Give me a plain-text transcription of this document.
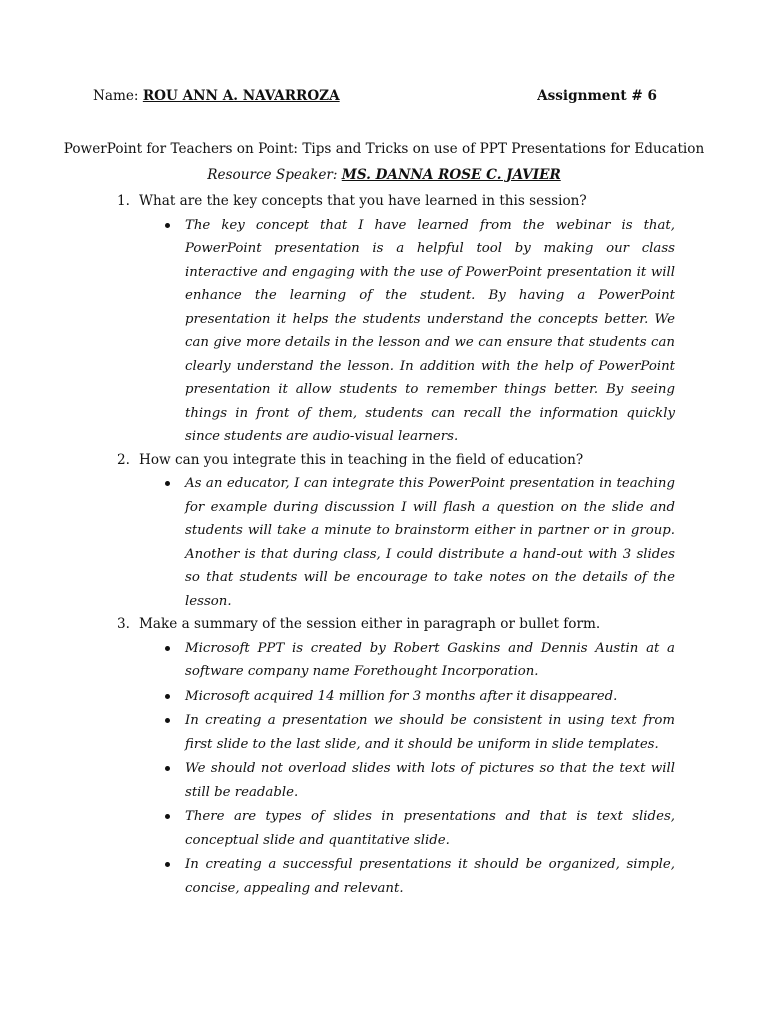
Name: ROU ANN A. NAVARROZA	Assignment # 6
PowerPoint for Teachers on Point: Tips and Tricks on use of PPT Presentations for Education
Resource Speaker: MS. DANNA ROSE C. JAVIER
1. What are the key concepts that you have learned in this session?
The key concept that I have learned from the webinar is that, PowerPoint presentation is a helpful tool by making our class interactive and engaging with the use of PowerPoint presentation it will enhance the learning of the student. By having a PowerPoint presentation it helps the students understand the concepts better. We can give more details in the lesson and we can ensure that students can clearly understand the lesson. In addition with the help of PowerPoint presentation it allow students to remember things better. By seeing things in front of them, students can recall the information quickly since students are audio-visual learners.
2. How can you integrate this in teaching in the field of education?
As an educator, I can integrate this PowerPoint presentation in teaching for example during discussion I will flash a question on the slide and students will take a minute to brainstorm either in partner or in group. Another is that during class, I could distribute a hand-out with 3 slides so that students will be encourage to take notes on the details of the lesson.
3. Make a summary of the session either in paragraph or bullet form.
Microsoft PPT is created by Robert Gaskins and Dennis Austin at a software company name Forethought Incorporation.
Microsoft acquired 14 million for 3 months after it disappeared.
In creating a presentation we should be consistent in using text from first slide to the last slide, and it should be uniform in slide templates.
We should not overload slides with lots of pictures so that the text will still be readable.
There are types of slides in presentations and that is text slides, conceptual slide and quantitative slide.
In creating a successful presentations it should be organized, simple, concise, appealing and relevant.
